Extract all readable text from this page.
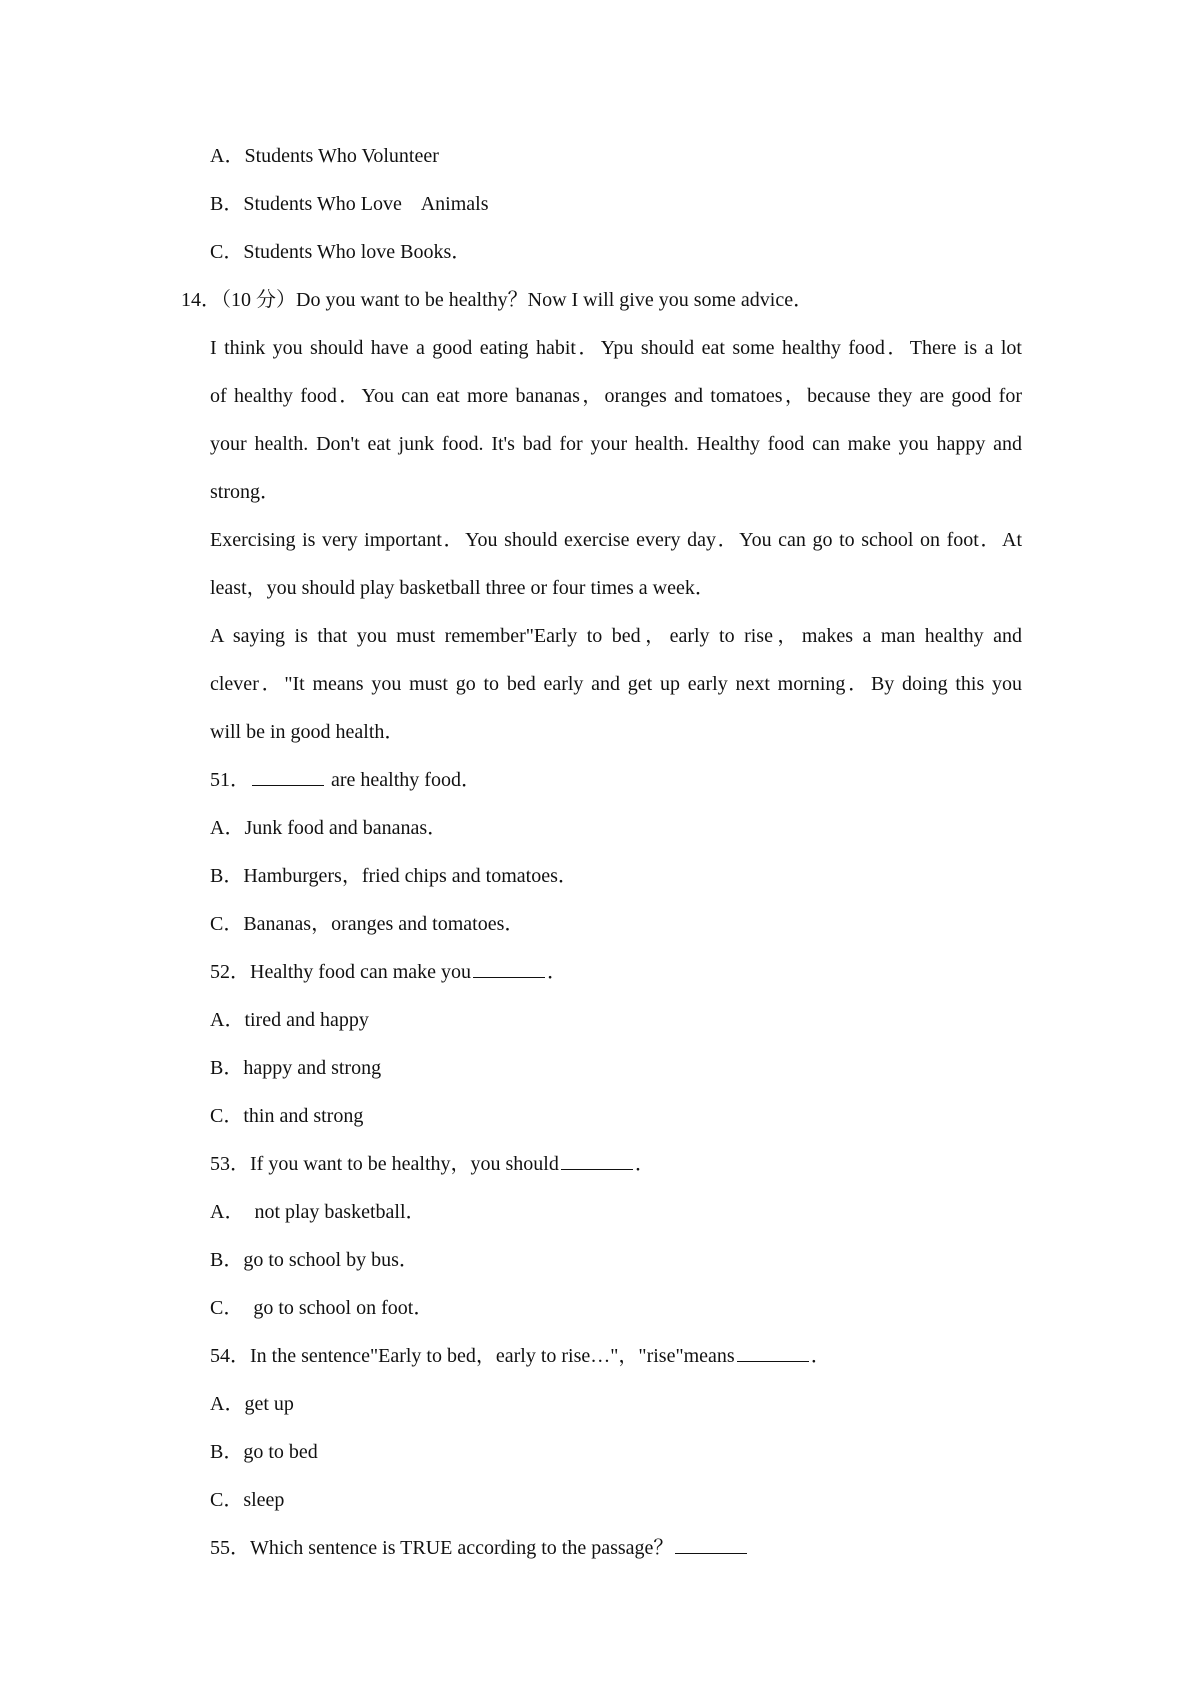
A．Students Who Volunteer
B．Students Who Love    Animals
C．Students Who love Books．
14．（10 分）Do you want to be healthy？Now I will give you some advice．
I think you should have a good eating habit．Ypu should eat some healthy food．There is a lot
of healthy food．You can eat more bananas，oranges and tomatoes，because they are good for
your health. Don't eat junk food. It's bad for your health. Healthy food can make you happy and
strong．
Exercising is very important．You should exercise every day．You can go to school on foot．At
least，you should play basketball three or four times a week．
A saying is that you must remember"Early to bed，early to rise，makes a man healthy and
clever．"It means you must go to bed early and get up early next morning．By doing this you
will be in good health．
51．	are healthy food．
A．Junk food and bananas．
B．Hamburgers，fried chips and tomatoes．
C．Bananas，oranges and tomatoes．
52．Healthy food can make you	．
A．tired and happy
B．happy and strong
C．thin and strong
53．If you want to be healthy，you should	．
A．  not play basketball．
B．go to school by bus．
C．  go to school on foot．
54．In the sentence"Early to bed，early to rise…"，"rise"means	．
A．get up
B．go to bed
C．sleep
55．Which sentence is TRUE according to the passage？
